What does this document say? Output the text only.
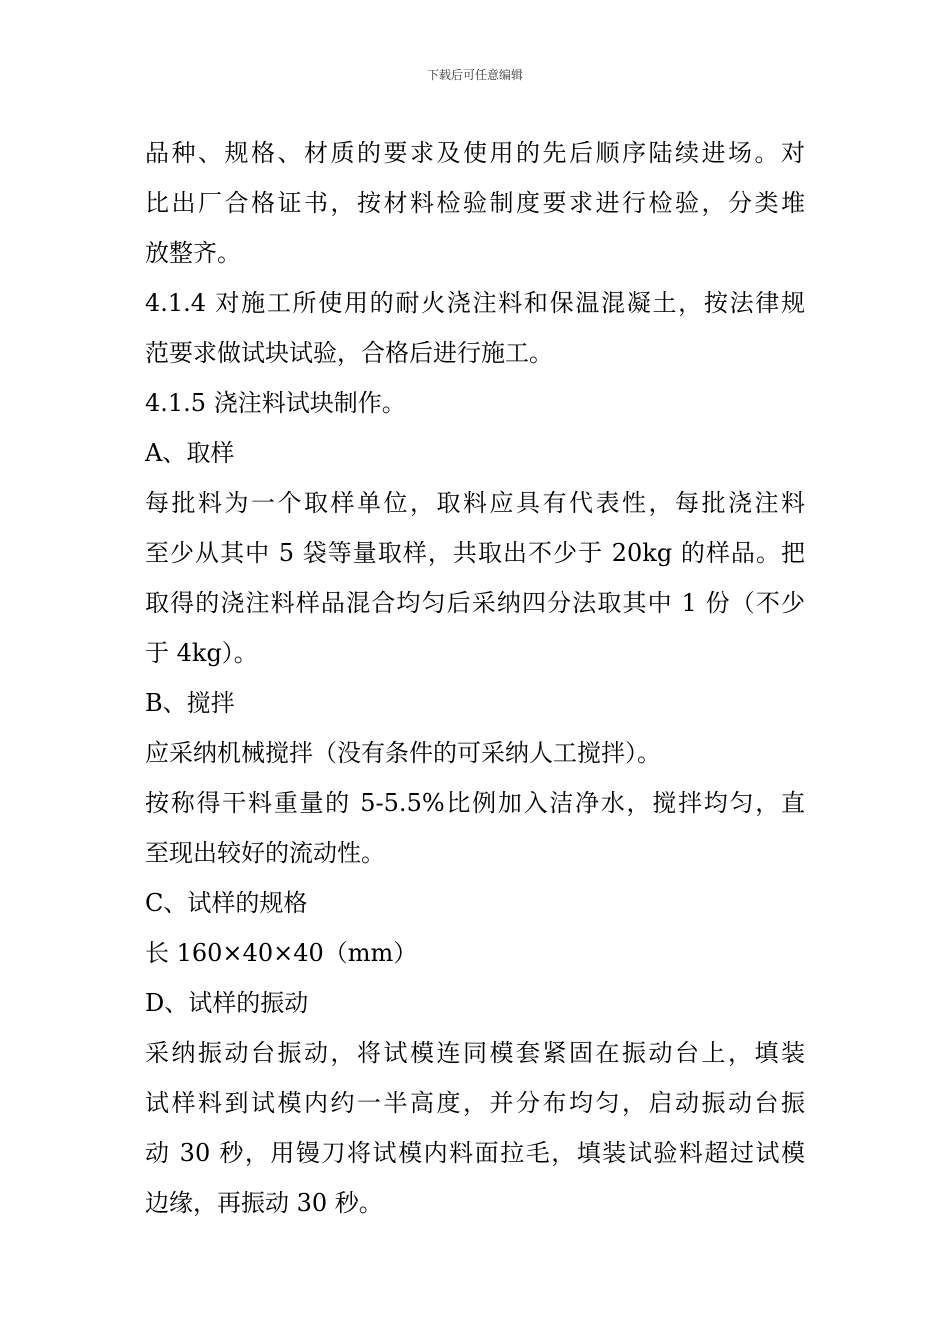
下载后可任意编辑
品种、规格、材质的要求及使用的先后顺序陆续进场。对
比出厂合格证书，按材料检验制度要求进行检验，分类堆
放整齐。
4.1.4 对施工所使用的耐火浇注料和保温混凝土，按法律规
范要求做试块试验，合格后进行施工。
4.1.5 浇注料试块制作。
A、取样
每批料为一个取样单位，取料应具有代表性，每批浇注料
至少从其中 5 袋等量取样，共取出不少于 20kg 的样品。把
取得的浇注料样品混合均匀后采纳四分法取其中 1 份（不少
于 4kg）。
B、搅拌
应采纳机械搅拌（没有条件的可采纳人工搅拌）。
按称得干料重量的 5-5.5%比例加入洁净水，搅拌均匀，直
至现出较好的流动性。
C、试样的规格
长 160×40×40（mm）
D、试样的振动
采纳振动台振动，将试模连同模套紧固在振动台上，填装
试样料到试模内约一半高度，并分布均匀，启动振动台振
动 30 秒，用镘刀将试模内料面拉毛，填装试验料超过试模
边缘，再振动 30 秒。
